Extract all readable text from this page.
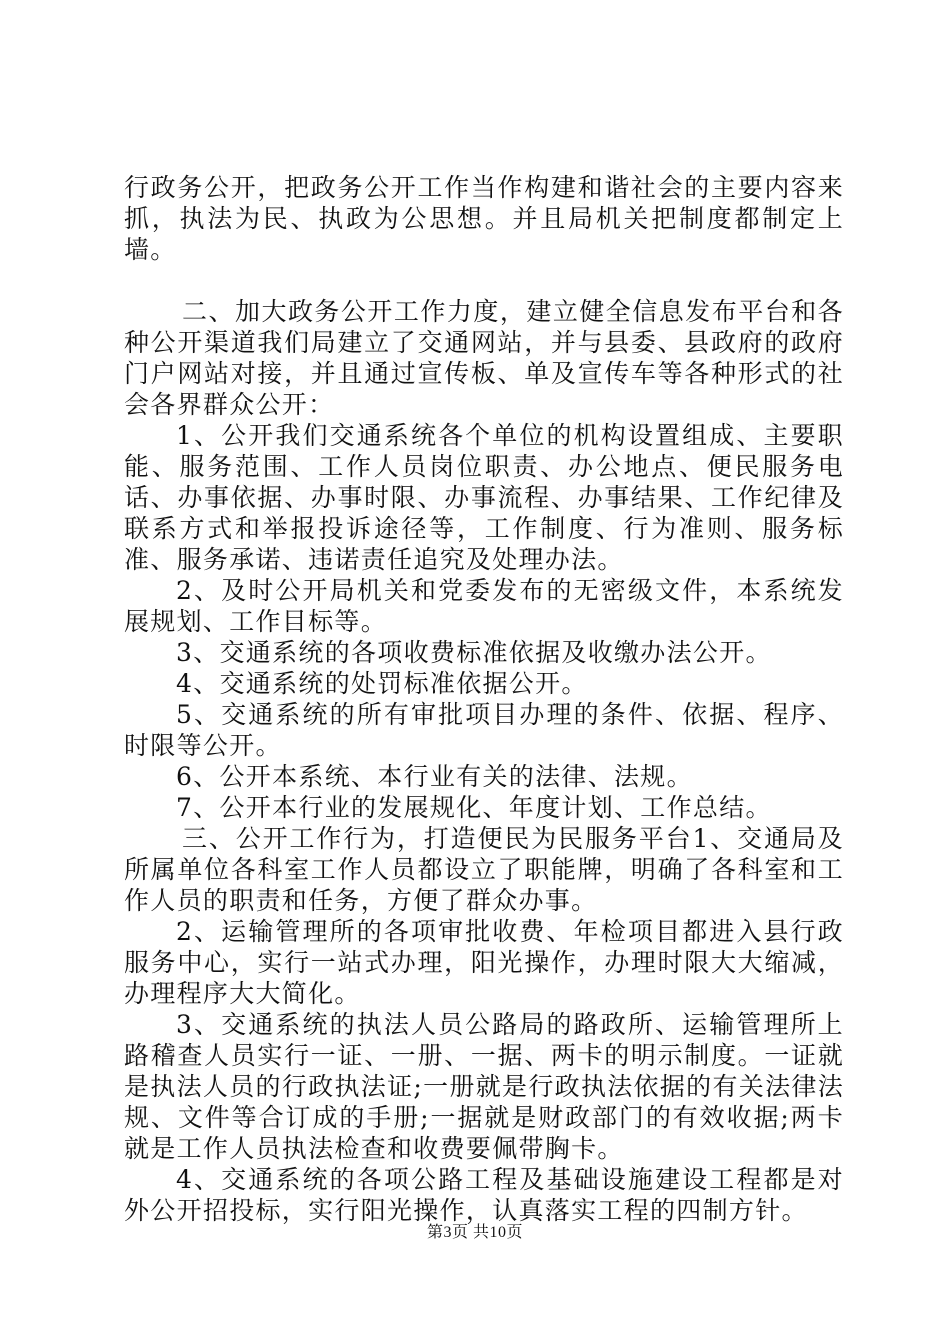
行政务公开，把政务公开工作当作构建和谐社会的主要内容来抓，执法为民、执政为公思想。并且局机关把制度都制定上墙。

二、加大政务公开工作力度，建立健全信息发布平台和各种公开渠道我们局建立了交通网站，并与县委、县政府的政府门户网站对接，并且通过宣传板、单及宣传车等各种形式的社会各界群众公开：

1、公开我们交通系统各个单位的机构设置组成、主要职能、服务范围、工作人员岗位职责、办公地点、便民服务电话、办事依据、办事时限、办事流程、办事结果、工作纪律及联系方式和举报投诉途径等，工作制度、行为准则、服务标准、服务承诺、违诺责任追究及处理办法。

2、及时公开局机关和党委发布的无密级文件，本系统发展规划、工作目标等。

3、交通系统的各项收费标准依据及收缴办法公开。

4、交通系统的处罚标准依据公开。

5、交通系统的所有审批项目办理的条件、依据、程序、时限等公开。

6、公开本系统、本行业有关的法律、法规。

7、公开本行业的发展规化、年度计划、工作总结。

三、公开工作行为，打造便民为民服务平台1、交通局及所属单位各科室工作人员都设立了职能牌，明确了各科室和工作人员的职责和任务，方便了群众办事。

2、运输管理所的各项审批收费、年检项目都进入县行政服务中心，实行一站式办理，阳光操作，办理时限大大缩减，办理程序大大简化。

3、交通系统的执法人员公路局的路政所、运输管理所上路稽查人员实行一证、一册、一据、两卡的明示制度。一证就是执法人员的行政执法证;一册就是行政执法依据的有关法律法规、文件等合订成的手册;一据就是财政部门的有效收据;两卡就是工作人员执法检查和收费要佩带胸卡。

4、交通系统的各项公路工程及基础设施建设工程都是对外公开招投标，实行阳光操作，认真落实工程的四制方针。

第3页 共10页
